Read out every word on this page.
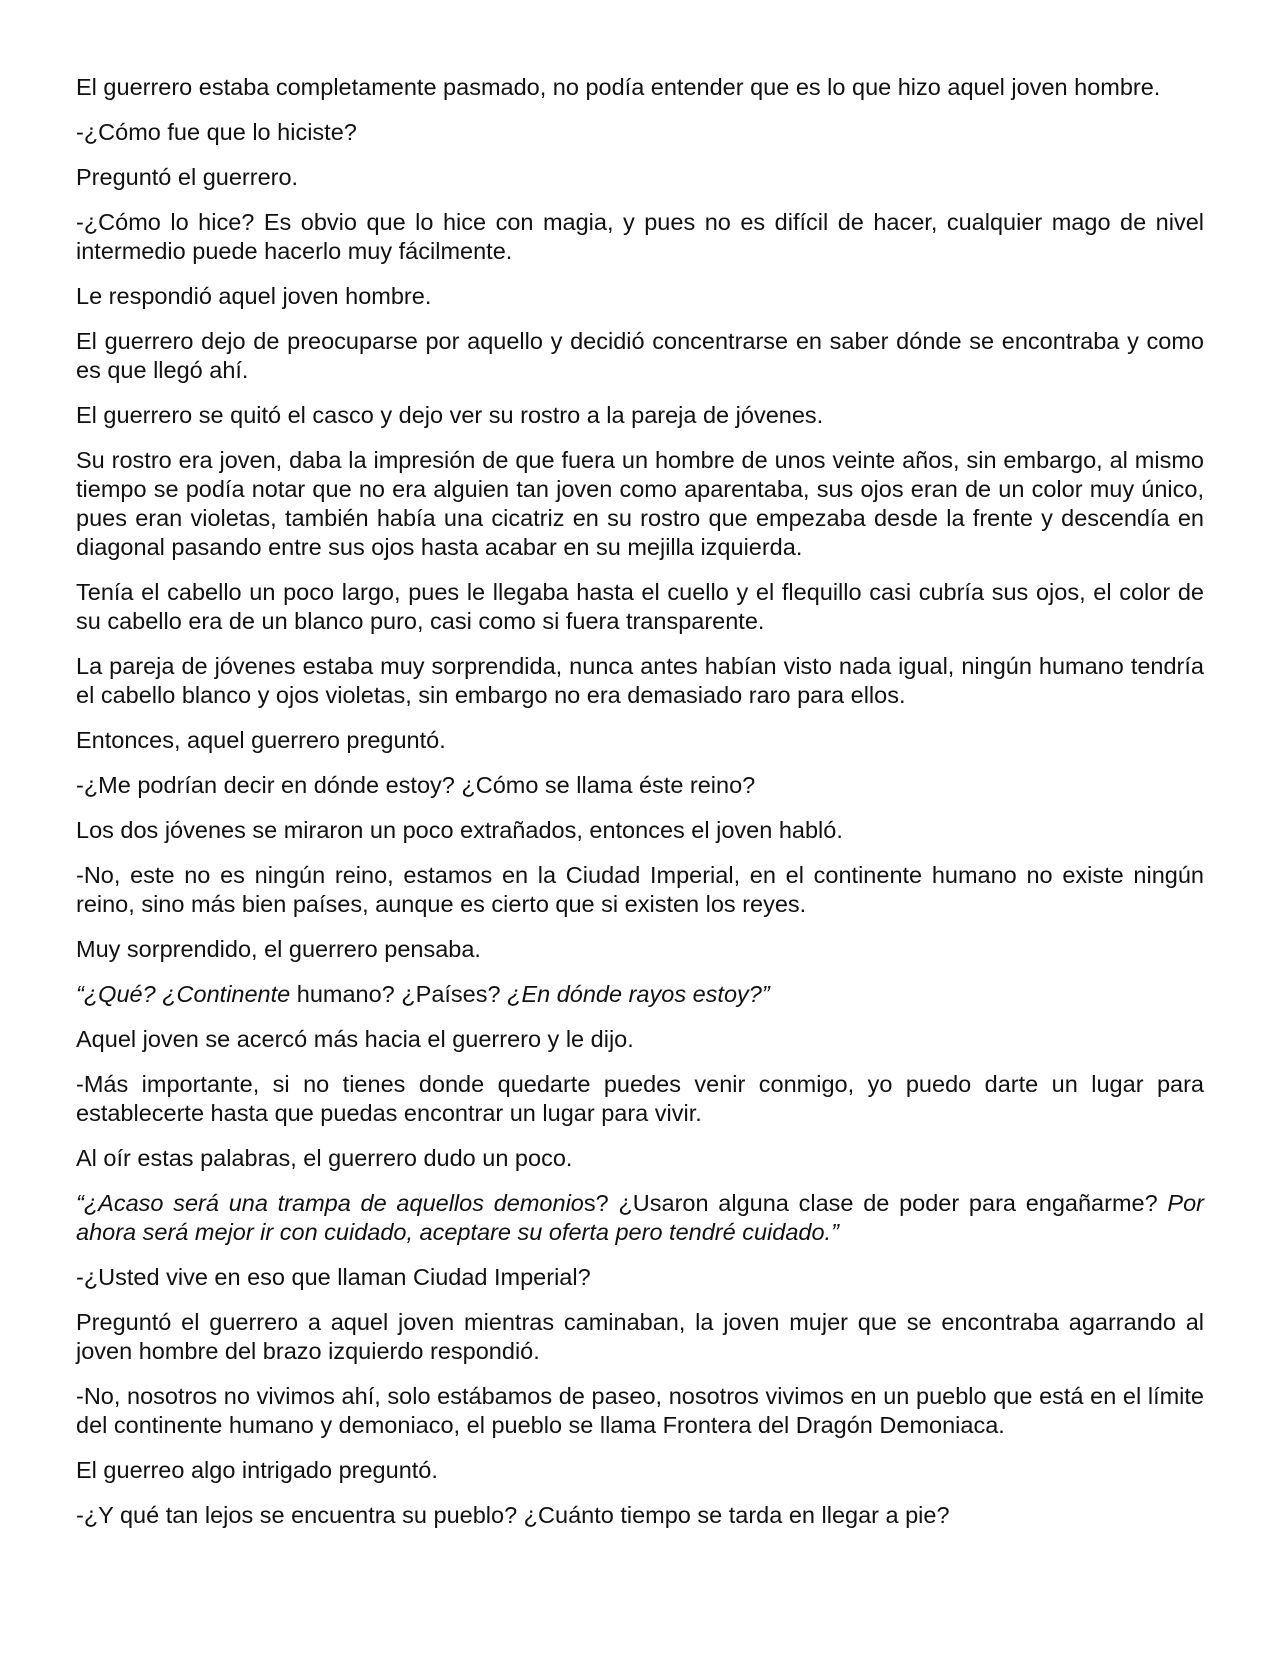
El guerrero estaba completamente pasmado, no podía entender que es lo que hizo aquel joven hombre.

-¿Cómo fue que lo hiciste?

Preguntó el guerrero.

-¿Cómo lo hice? Es obvio que lo hice con magia, y pues no es difícil de hacer, cualquier mago de nivel intermedio puede hacerlo muy fácilmente.

Le respondió aquel joven hombre.

El guerrero dejo de preocuparse por aquello y decidió concentrarse en saber dónde se encontraba y como es que llegó ahí.

El guerrero se quitó el casco y dejo ver su rostro a la pareja de jóvenes.

Su rostro era joven, daba la impresión de que fuera un hombre de unos veinte años, sin embargo, al mismo tiempo se podía notar que no era alguien tan joven como aparentaba, sus ojos eran de un color muy único, pues eran violetas, también había una cicatriz en su rostro que empezaba desde la frente y descendía en diagonal pasando entre sus ojos hasta acabar en su mejilla izquierda.

Tenía el cabello un poco largo, pues le llegaba hasta el cuello y el flequillo casi cubría sus ojos, el color de su cabello era de un blanco puro, casi como si fuera transparente.

La pareja de jóvenes estaba muy sorprendida, nunca antes habían visto nada igual, ningún humano tendría el cabello blanco y ojos violetas, sin embargo no era demasiado raro para ellos.

Entonces, aquel guerrero preguntó.

-¿Me podrían decir en dónde estoy? ¿Cómo se llama éste reino?

Los dos jóvenes se miraron un poco extrañados, entonces el joven habló.

-No, este no es ningún reino, estamos en la Ciudad Imperial, en el continente humano no existe ningún reino, sino más bien países, aunque es cierto que si existen los reyes.

Muy sorprendido, el guerrero pensaba.

“¿Qué? ¿Continente humano? ¿Países? ¿En dónde rayos estoy?”

Aquel joven se acercó más hacia el guerrero y le dijo.

-Más importante, si no tienes donde quedarte puedes venir conmigo, yo puedo darte un lugar para establecerte hasta que puedas encontrar un lugar para vivir.

Al oír estas palabras, el guerrero dudo un poco.

“¿Acaso será una trampa de aquellos demonios? ¿Usaron alguna clase de poder para engañarme? Por ahora será mejor ir con cuidado, aceptare su oferta pero tendré cuidado.”

-¿Usted vive en eso que llaman Ciudad Imperial?

Preguntó el guerrero a aquel joven mientras caminaban, la joven mujer que se encontraba agarrando al joven hombre del brazo izquierdo respondió.

-No, nosotros no vivimos ahí, solo estábamos de paseo, nosotros vivimos en un pueblo que está en el límite del continente humano y demoniaco, el pueblo se llama Frontera del Dragón Demoniaca.

El guerreo algo intrigado preguntó.

-¿Y qué tan lejos se encuentra su pueblo? ¿Cuánto tiempo se tarda en llegar a pie?
